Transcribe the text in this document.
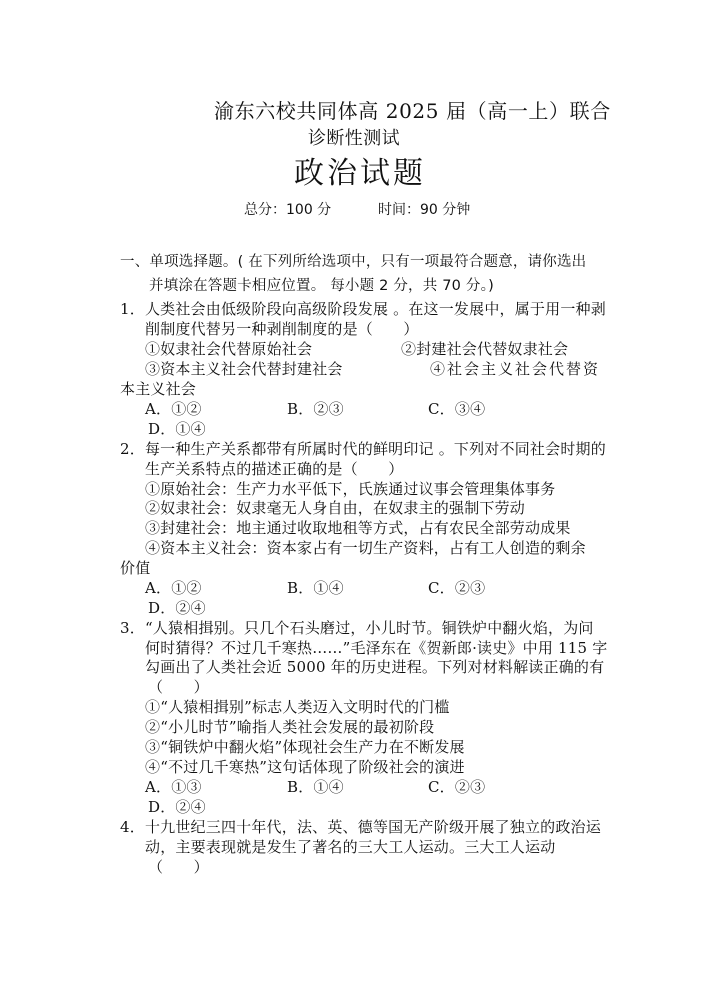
渝东六校共同体高 2025 届（高一上）联合
诊断性测试
政治试题
总分：100 分	时间：90 分钟
一、单项选择题。( 在下列所给选项中，只有一项最符合题意，请你选出
并填涂在答题卡相应位置。 每小题 2 分，共 70 分。)
1．人类社会由低级阶段向高级阶段发展 。在这一发展中，属于用一种剥
削制度代替另一种剥削制度的是（　　）
①奴隶社会代替原始社会	②封建社会代替奴隶社会
③资本主义社会代替封建社会	④社会主义社会代替资
本主义社会
A．①②	B．②③	C．③④
D．①④
2．每一种生产关系都带有所属时代的鲜明印记 。下列对不同社会时期的
生产关系特点的描述正确的是（　　）
①原始社会：生产力水平低下，氏族通过议事会管理集体事务
②奴隶社会：奴隶毫无人身自由，在奴隶主的强制下劳动
③封建社会：地主通过收取地租等方式，占有农民全部劳动成果
④资本主义社会：资本家占有一切生产资料，占有工人创造的剩余
价值
A．①②	B．①④	C．②③
D．②④
3．“人猿相揖别。只几个石头磨过，小儿时节。铜铁炉中翻火焰，为问
何时猜得？不过几千寒热……”毛泽东在《贺新郎·读史》中用 115 字
勾画出了人类社会近 5000 年的历史进程。下列对材料解读正确的有
（　　）
①“人猿相揖别”标志人类迈入文明时代的门槛
②“小儿时节”喻指人类社会发展的最初阶段
③“铜铁炉中翻火焰”体现社会生产力在不断发展
④“不过几千寒热”这句话体现了阶级社会的演进
A．①③	B．①④	C．②③
D．②④
4．十九世纪三四十年代，法、英、德等国无产阶级开展了独立的政治运
动，主要表现就是发生了著名的三大工人运动。三大工人运动
（　　）
